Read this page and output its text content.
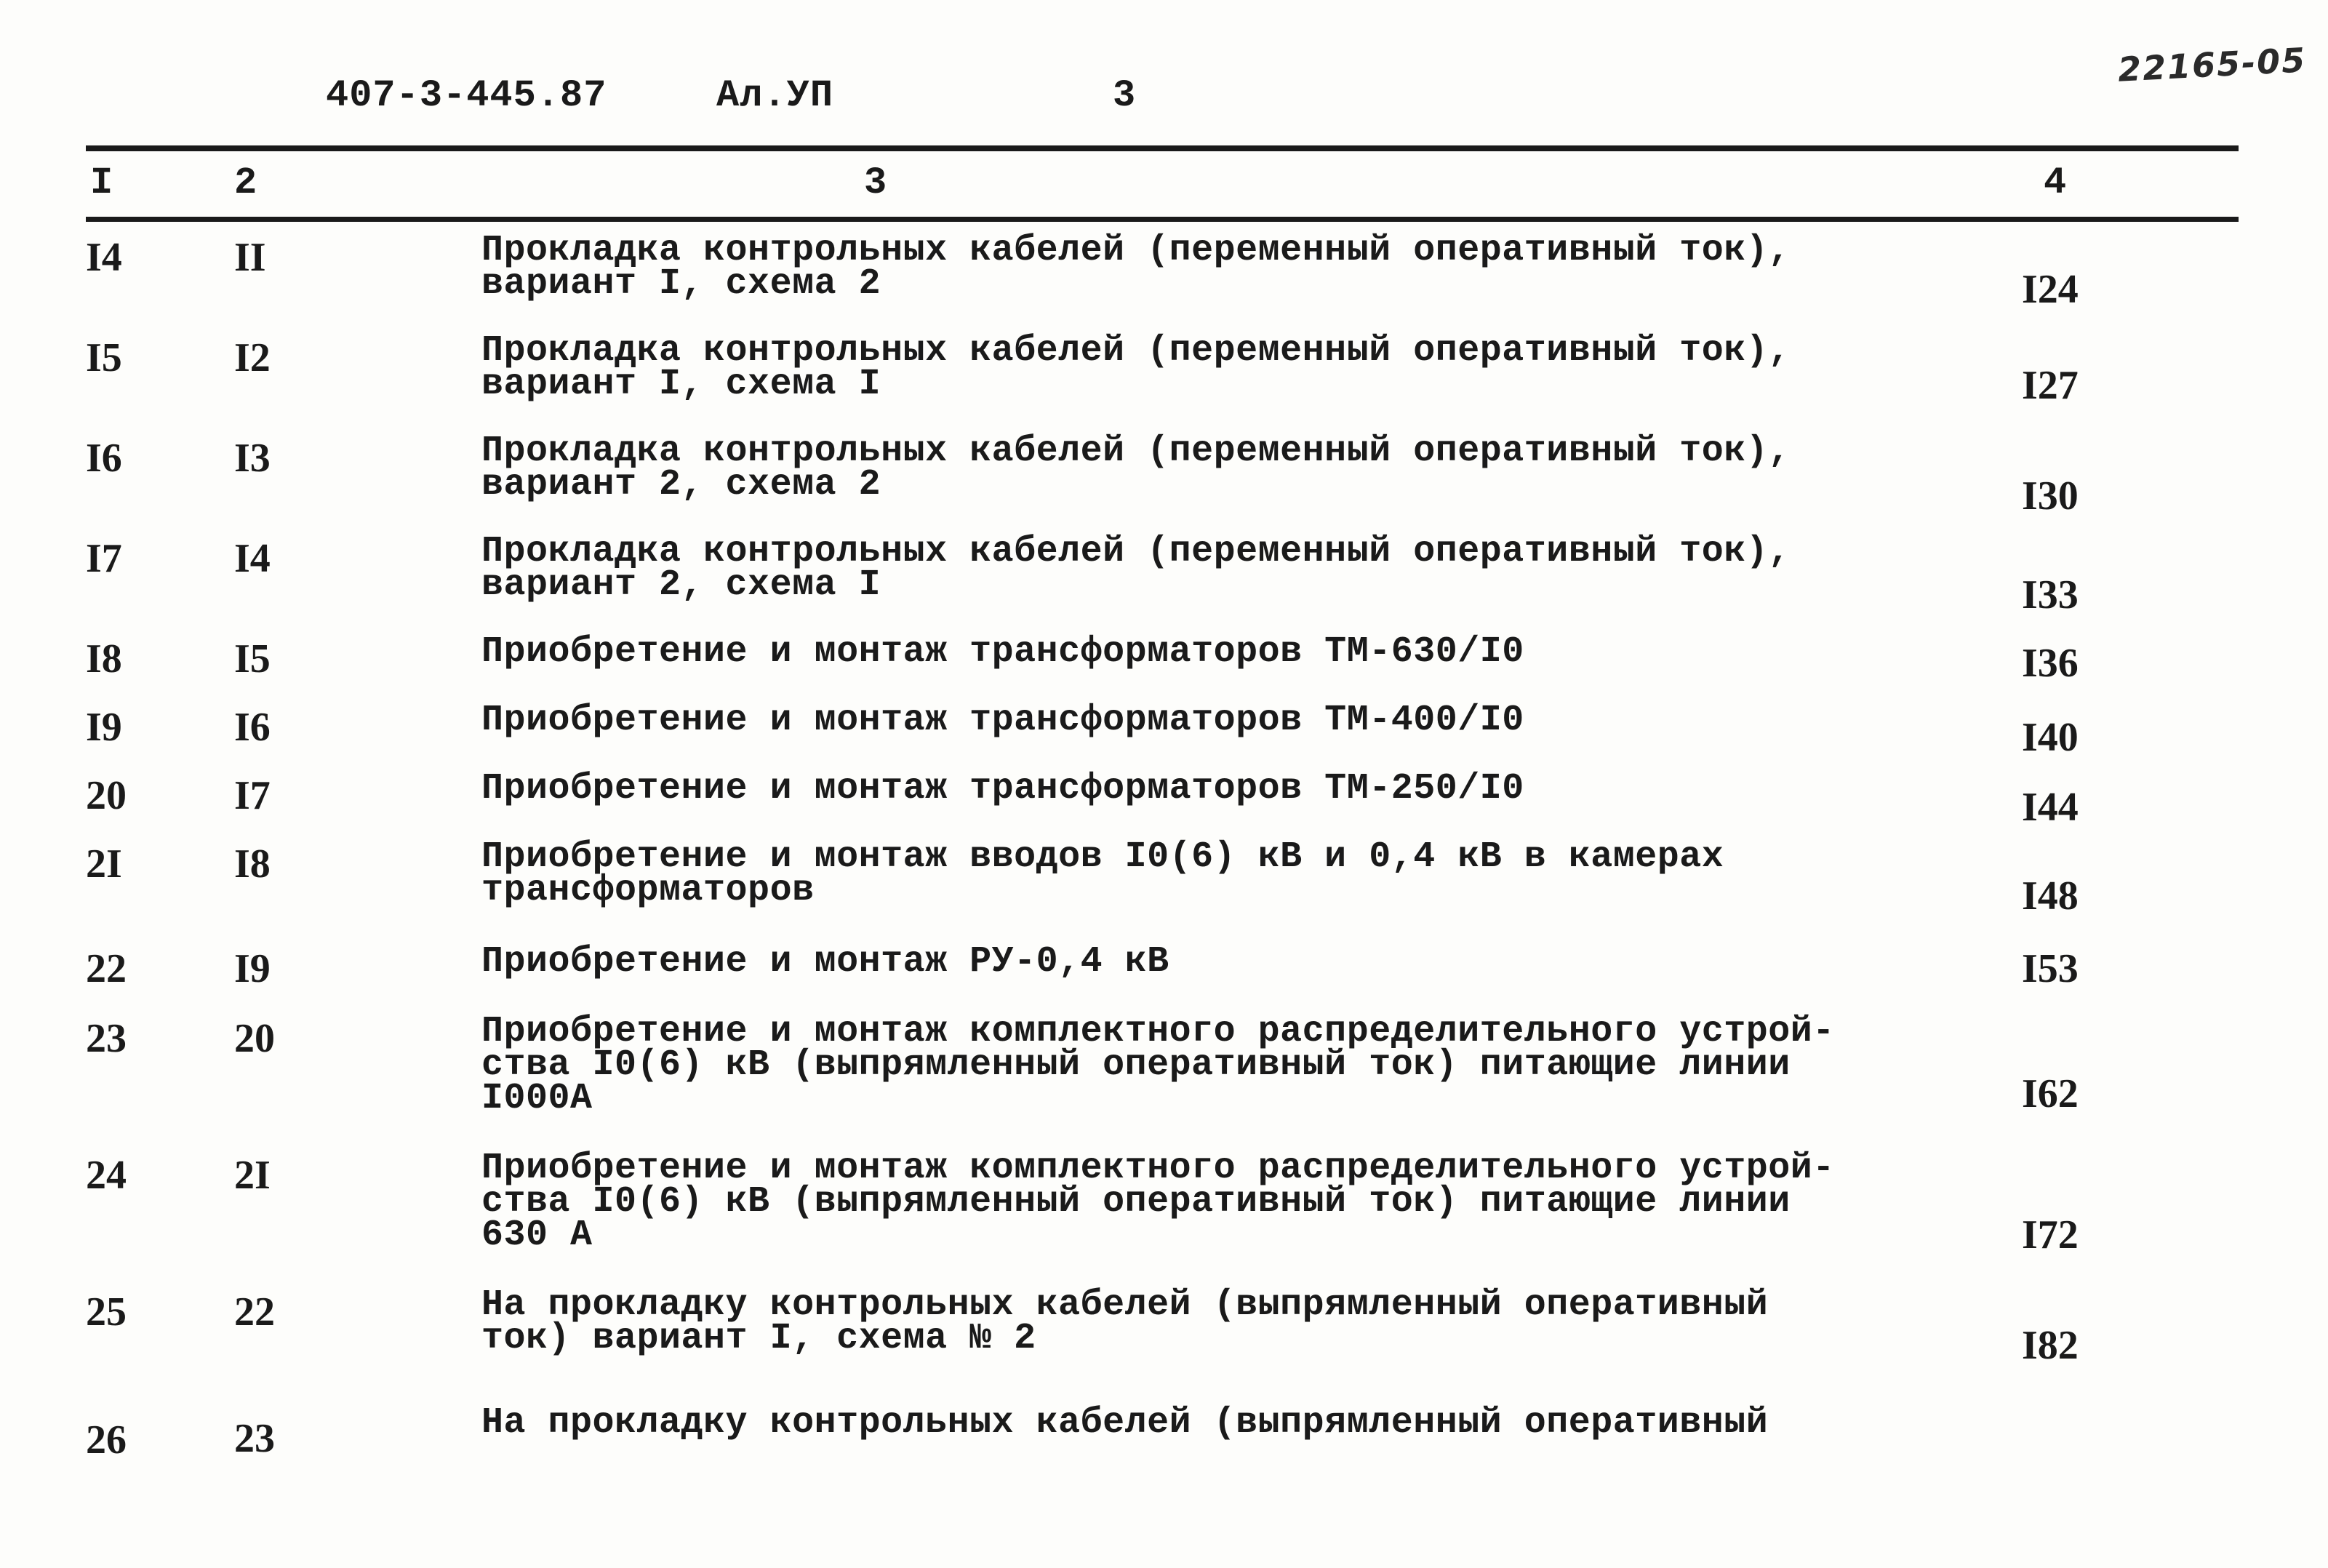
407-3-445.87	Ал.УП	3
22165-05
I	2	3	4
I4	II	Прокладка контрольных кабелей (переменный оперативный ток),
вариант I, схема 2	I24
I5	I2	Прокладка контрольных кабелей (переменный оперативный ток),
вариант I, схема I	I27
I6	I3	Прокладка контрольных кабелей (переменный оперативный ток),
вариант 2, схема 2	I30
I7	I4	Прокладка контрольных кабелей (переменный оперативный ток),
вариант 2, схема I	I33
I8	I5	Приобретение и монтаж трансформаторов ТМ-630/I0	I36
I9	I6	Приобретение и монтаж трансформаторов ТМ-400/I0	I40
20	I7	Приобретение и монтаж трансформаторов ТМ-250/I0	I44
2I	I8	Приобретение и монтаж вводов I0(6) кВ и 0,4 кВ в камерах
трансформаторов	I48
22	I9	Приобретение и монтаж РУ-0,4 кВ	I53
23	20	Приобретение и монтаж комплектного распределительного устрой-
ства I0(6) кВ (выпрямленный оперативный ток) питающие линии
I000А	I62
24	2I	Приобретение и монтаж комплектного распределительного устрой-
ства I0(6) кВ (выпрямленный оперативный ток) питающие линии
630 А	I72
25	22	На прокладку контрольных кабелей (выпрямленный оперативный
ток) вариант I, схема № 2	I82
26	23	На прокладку контрольных кабелей (выпрямленный оперативный
